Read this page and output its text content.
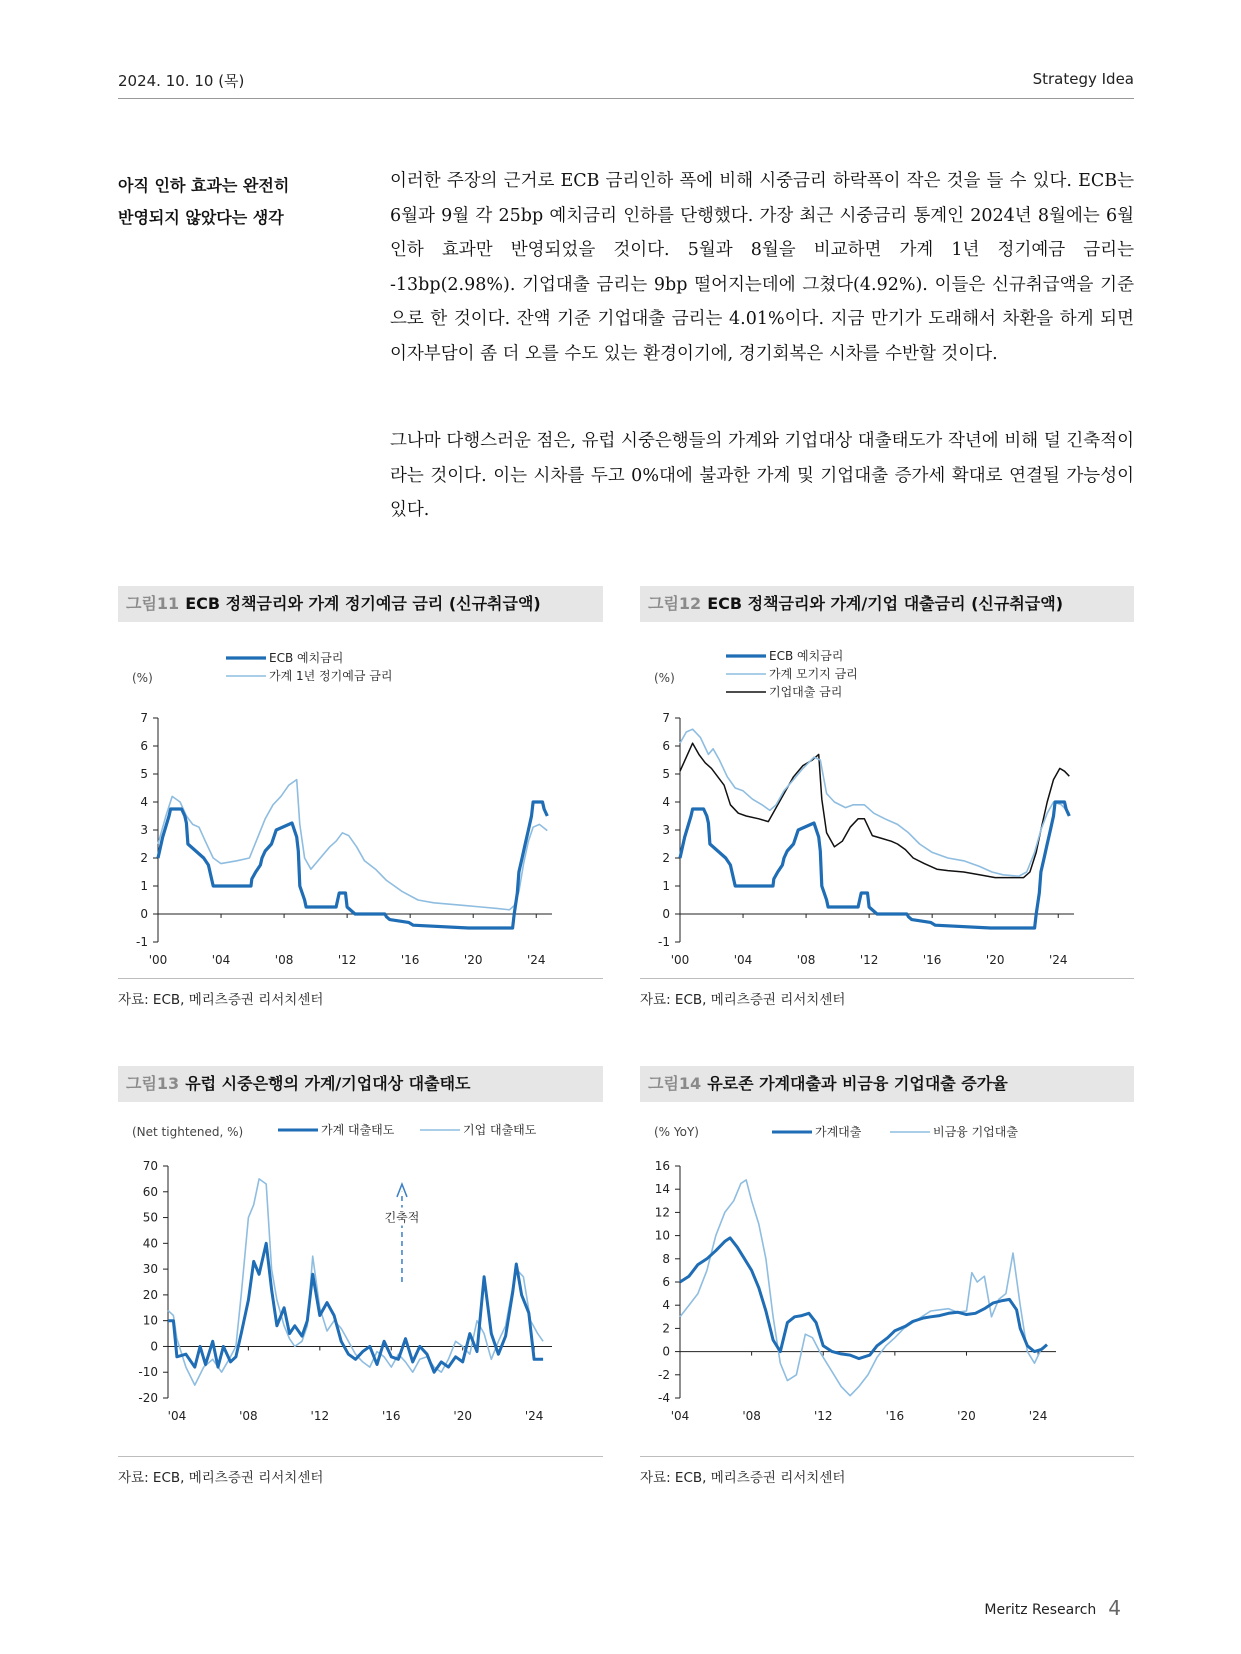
2024. 10. 10 (목)	Strategy Idea
아직 인하 효과는 완전히
반영되지 않았다는 생각

이러한 주장의 근거로 ECB 금리인하 폭에 비해 시중금리 하락폭이 작은 것을 들 수 있다. ECB는 6월과 9월 각 25bp 예치금리 인하를 단행했다. 가장 최근 시중금리 통계인 2024년 8월에는 6월 인하 효과만 반영되었을 것이다. 5월과 8월을 비교하면 가계 1년 정기예금 금리는 -13bp(2.98%). 기업대출 금리는 9bp 떨어지는데에 그쳤다(4.92%). 이들은 신규취급액을 기준으로 한 것이다. 잔액 기준 기업대출 금리는 4.01%이다. 지금 만기가 도래해서 차환을 하게 되면 이자부담이 좀 더 오를 수도 있는 환경이기에, 경기회복은 시차를 수반할 것이다.

그나마 다행스러운 점은, 유럽 시중은행들의 가계와 기업대상 대출태도가 작년에 비해 덜 긴축적이라는 것이다. 이는 시차를 두고 0%대에 불과한 가계 및 기업대출 증가세 확대로 연결될 가능성이 있다.

그림11 ECB 정책금리와 가계 정기예금 금리 (신규취급액)
(%)
ECB 예치금리
가계 1년 정기예금 금리
-1
0
1
2
3
4
5
6
7
'00	'04	'08	'12	'16	'20	'24
자료: ECB, 메리츠증권 리서치센터
그림12 ECB 정책금리와 가계/기업 대출금리 (신규취급액)
(%)
ECB 예치금리
가계 모기지 금리
기업대출 금리
-1
0
1
2
3
4
5
6
7
'00	'04	'08	'12	'16	'20	'24
자료: ECB, 메리츠증권 리서치센터
그림13 유럽 시중은행의 가계/기업대상 대출태도
(Net tightened, %)	가계 대출태도	기업 대출태도
-20
-10
0
10
20
30
40
50
60
70
'04	'08	'12	'16	'20	'24
긴축적
자료: ECB, 메리츠증권 리서치센터
그림14 유로존 가계대출과 비금융 기업대출 증가율
(% YoY)	가계대출	비금융 기업대출
-4
-2
0
2
4
6
8
10
12
14
16
'04	'08	'12	'16	'20	'24
자료: ECB, 메리츠증권 리서치센터
Meritz Research 4
